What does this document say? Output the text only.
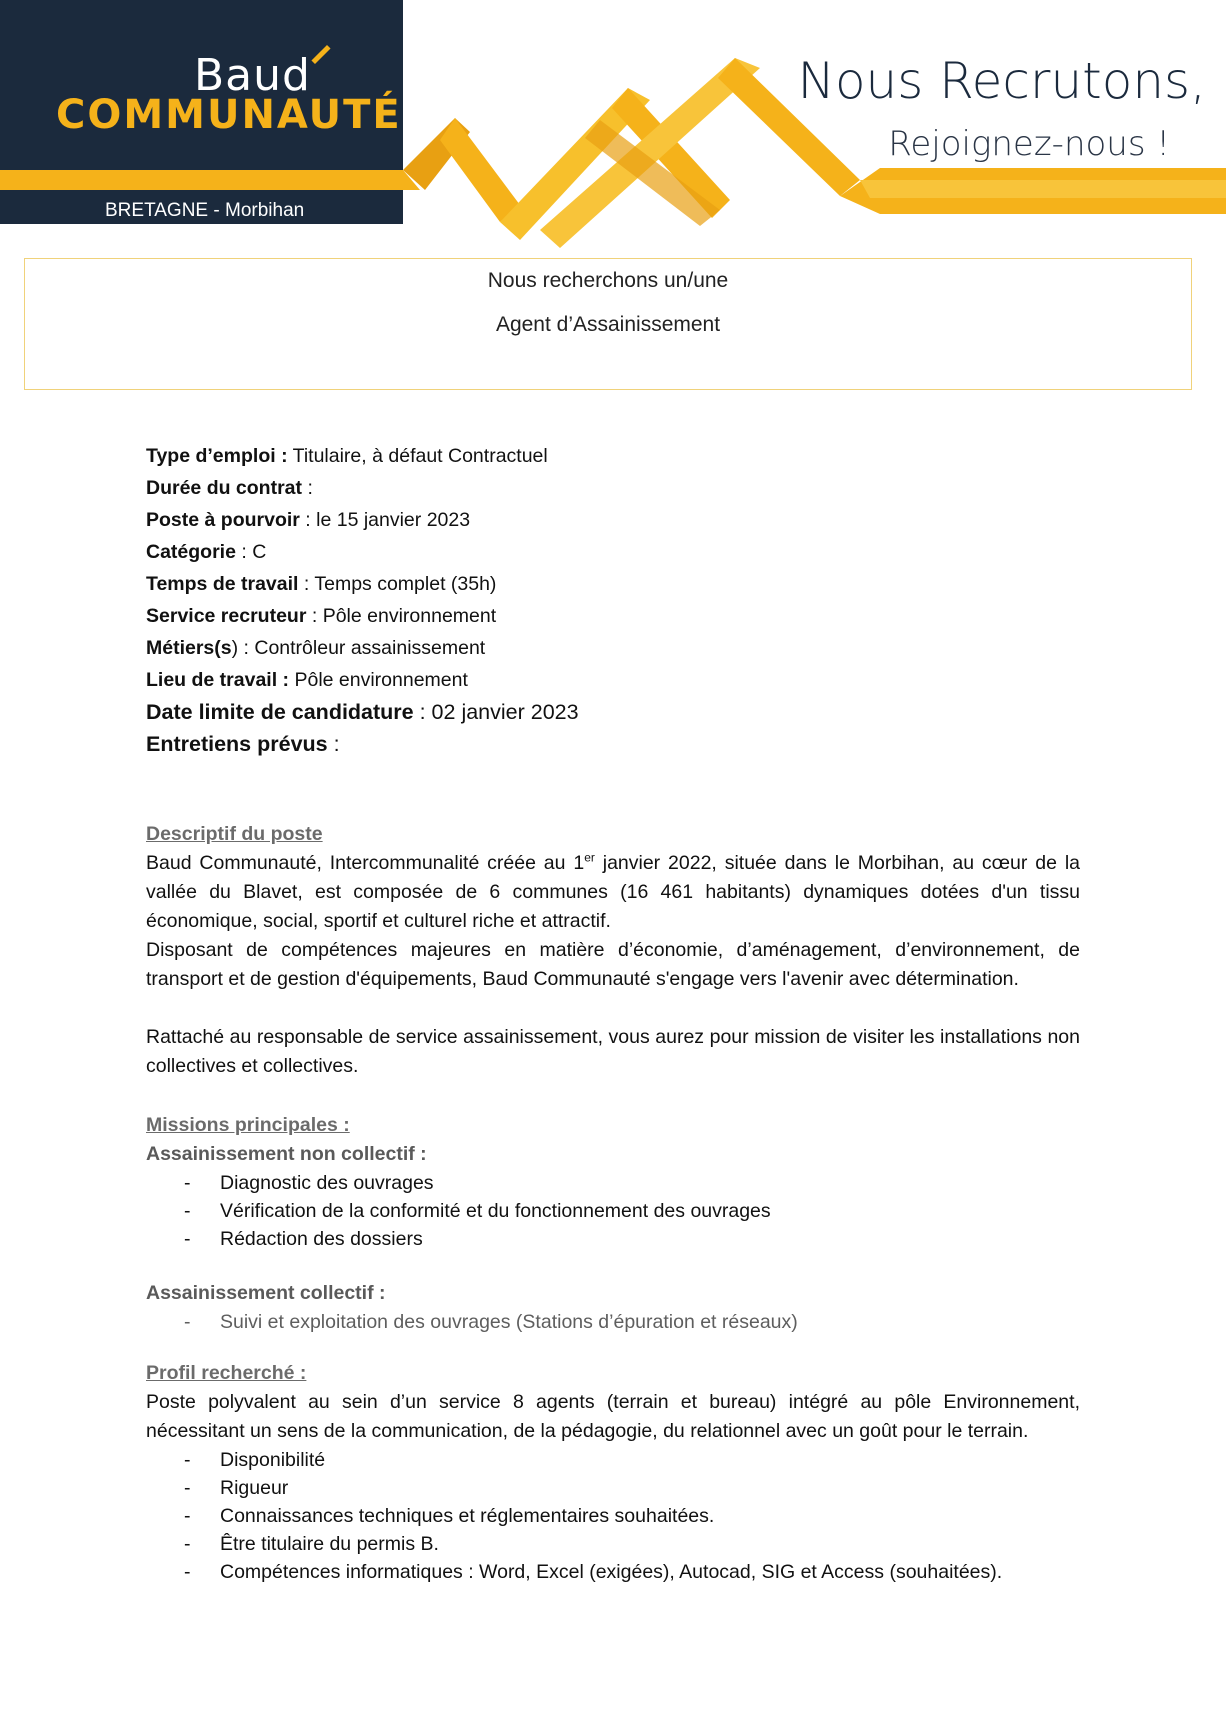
Baud
COMMUNAUTÉ
BRETAGNE - Morbihan
Nous Recrutons,
Rejoignez-nous !
Nous recherchons un/une
Agent d’Assainissement
Type d’emploi : Titulaire, à défaut Contractuel
Durée du contrat :
Poste à pourvoir : le 15 janvier 2023
Catégorie : C
Temps de travail : Temps complet (35h)
Service recruteur : Pôle environnement
Métiers(s) : Contrôleur assainissement
Lieu de travail : Pôle environnement
Date limite de candidature : 02 janvier 2023
Entretiens prévus :
Descriptif du poste
Baud Communauté, Intercommunalité créée au 1er janvier 2022, située dans le Morbihan, au cœur de la vallée du Blavet, est composée de 6 communes (16 461 habitants) dynamiques dotées d'un tissu économique, social, sportif et culturel riche et attractif.
Disposant de compétences majeures en matière d’économie, d’aménagement, d’environnement, de transport et de gestion d'équipements, Baud Communauté s'engage vers l'avenir avec détermination.
Rattaché au responsable de service assainissement, vous aurez pour mission de visiter les installations non collectives et collectives.
Missions principales :
Assainissement non collectif :
- Diagnostic des ouvrages
- Vérification de la conformité et du fonctionnement des ouvrages
- Rédaction des dossiers
Assainissement collectif :
- Suivi et exploitation des ouvrages (Stations d’épuration et réseaux)
Profil recherché :
Poste polyvalent au sein d’un service 8 agents (terrain et bureau) intégré au pôle Environnement, nécessitant un sens de la communication, de la pédagogie, du relationnel avec un goût pour le terrain.
- Disponibilité
- Rigueur
- Connaissances techniques et réglementaires souhaitées.
- Être titulaire du permis B.
- Compétences informatiques : Word, Excel (exigées), Autocad, SIG et Access (souhaitées).
